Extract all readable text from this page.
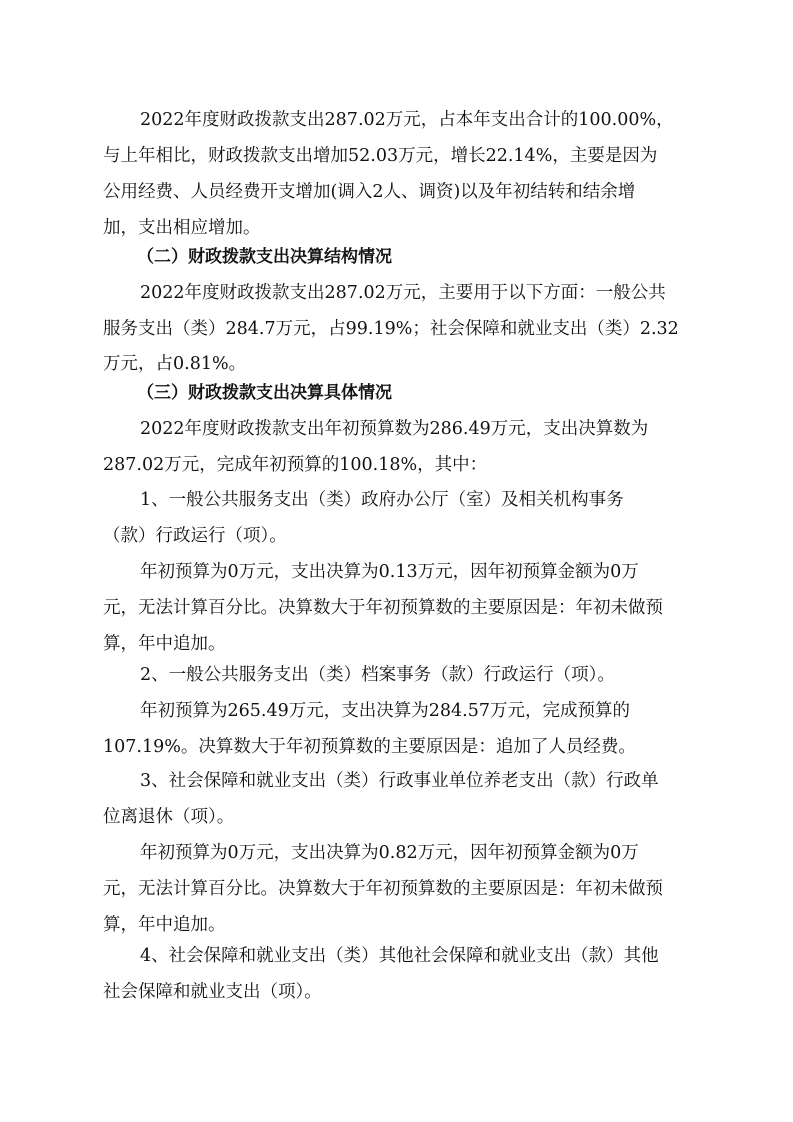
2022年度财政拨款支出287.02万元，占本年支出合计的100.00%，
与上年相比，财政拨款支出增加52.03万元，增长22.14%，主要是因为
公用经费、人员经费开支增加(调入2人、调资)以及年初结转和结余增
加，支出相应增加。
（二）财政拨款支出决算结构情况
2022年度财政拨款支出287.02万元，主要用于以下方面：一般公共
服务支出（类）284.7万元，占99.19%；社会保障和就业支出（类）2.32
万元，占0.81%。
（三）财政拨款支出决算具体情况
2022年度财政拨款支出年初预算数为286.49万元，支出决算数为
287.02万元，完成年初预算的100.18%，其中：
1、一般公共服务支出（类）政府办公厅（室）及相关机构事务
（款）行政运行（项）。
年初预算为0万元，支出决算为0.13万元，因年初预算金额为0万
元，无法计算百分比。决算数大于年初预算数的主要原因是：年初未做预
算，年中追加。
2、一般公共服务支出（类）档案事务（款）行政运行（项）。
年初预算为265.49万元，支出决算为284.57万元，完成预算的
107.19%。决算数大于年初预算数的主要原因是：追加了人员经费。
3、社会保障和就业支出（类）行政事业单位养老支出（款）行政单
位离退休（项）。
年初预算为0万元，支出决算为0.82万元，因年初预算金额为0万
元，无法计算百分比。决算数大于年初预算数的主要原因是：年初未做预
算，年中追加。
4、社会保障和就业支出（类）其他社会保障和就业支出（款）其他
社会保障和就业支出（项）。
